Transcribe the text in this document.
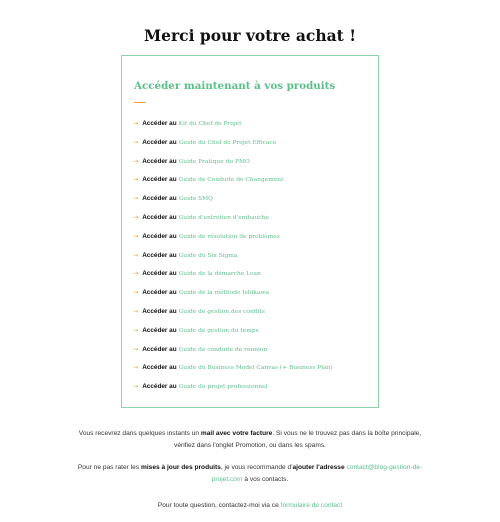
Merci pour votre achat !
Accéder maintenant à vos produits
→ Accéder au Kit du Chef de Projet
→ Accéder au Guide du Chef de Projet Efficace
→ Accéder au Guide Pratique du PMO
→ Accéder au Guide de Conduite de Changement
→ Accéder au Guide SMQ
→ Accéder au Guide d'entretien d'embauche
→ Accéder au Guide de résolution de problèmes
→ Accéder au Guide du Six Sigma
→ Accéder au Guide de la démarche Lean
→ Accéder au Guide de la méthode Ishikawa
→ Accéder au Guide de gestion des conflits
→ Accéder au Guide de gestion du temps
→ Accéder au Guide de conduite de réunion
→ Accéder au Guide du Business Model Canvas (+ Business Plan)
→ Accéder au Guide du projet professionnel
Vous recevrez dans quelques instants un mail avec votre facture. Si vous ne le trouvez pas dans la boîte principale,
vérifiez dans l'onglet Promotion, ou dans les spams.
Pour ne pas rater les mises à jour des produits, je vous recommande d'ajouter l'adresse contact@blog-gestion-de-
projet.com à vos contacts.
Pour toute question, contactez-moi via ce formulaire de contact
